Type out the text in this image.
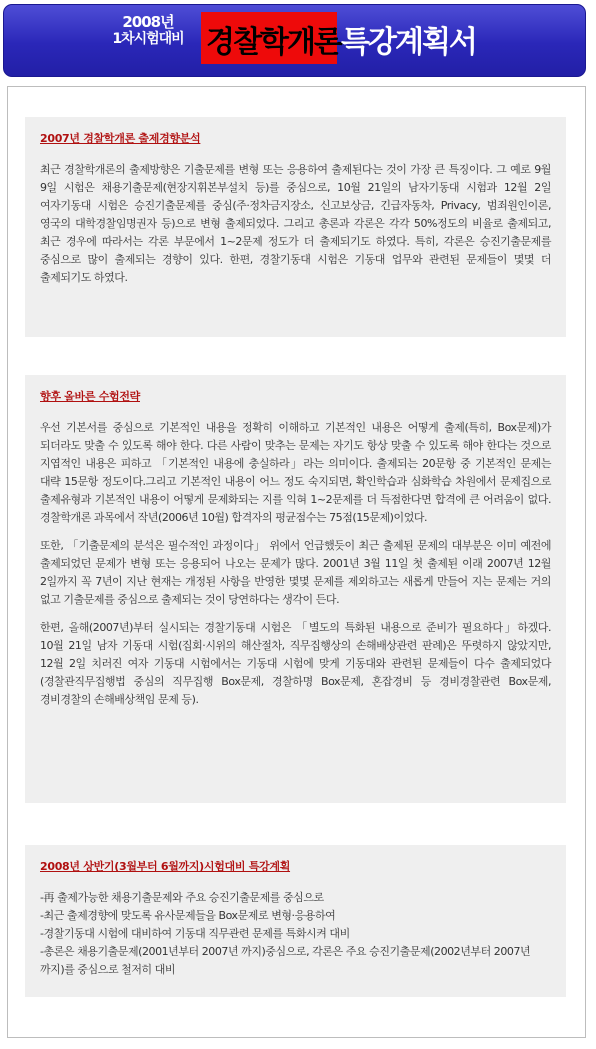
2008년
1차시험대비 경찰학개론 특강계획서
2007년 경찰학개론 출제경향분석

최근 경찰학개론의 출제방향은 기출문제를 변형 또는 응용하여 출제된다는 것이 가장 큰 특징이다. 그 예로 9월 9일 시험은 채용기출문제(현장지휘본부설치 등)를 중심으로, 10월 21일의 남자기동대 시험과 12월 2일 여자기동대 시험은 승진기출문제를 중심(주·정차금지장소, 신고보상금, 긴급자동차, Privacy, 범죄원인이론, 영국의 대학경찰임명권자 등)으로 변형 출제되었다. 그리고 총론과 각론은 각각 50%정도의 비율로 출제되고, 최근 경우에 따라서는 각론 부문에서 1~2문제 정도가 더 출제되기도 하였다. 특히, 각론은 승진기출문제를 중심으로 많이 출제되는 경향이 있다. 한편, 경찰기동대 시험은 기동대 업무와 관련된 문제들이 몇몇 더 출제되기도 하였다.

향후 올바른 수험전략

우선 기본서를 중심으로 기본적인 내용을 정확히 이해하고 기본적인 내용은 어떻게 출제(특히, Box문제)가 되더라도 맞출 수 있도록 해야 한다. 다른 사람이 맞추는 문제는 자기도 항상 맞출 수 있도록 해야 한다는 것으로 지엽적인 내용은 피하고 「기본적인 내용에 충실하라」라는 의미이다. 출제되는 20문항 중 기본적인 문제는 대략 15문항 정도이다.그리고 기본적인 내용이 어느 정도 숙지되면, 확인학습과 심화학습 차원에서 문제집으로 출제유형과 기본적인 내용이 어떻게 문제화되는 지를 익혀 1~2문제를 더 득점한다면 합격에 큰 어려움이 없다. 경찰학개론 과목에서 작년(2006년 10월) 합격자의 평균점수는 75점(15문제)이었다.

또한, 「기출문제의 분석은 필수적인 과정이다」 위에서 언급했듯이 최근 출제된 문제의 대부분은 이미 예전에 출제되었던 문제가 변형 또는 응용되어 나오는 문제가 많다. 2001년 3월 11일 첫 출제된 이래 2007년 12월 2일까지 꼭 7년이 지난 현재는 개정된 사항을 반영한 몇몇 문제를 제외하고는 새롭게 만들어 지는 문제는 거의 없고 기출문제를 중심으로 출제되는 것이 당연하다는 생각이 든다.

한편, 올해(2007년)부터 실시되는 경찰기동대 시험은 「별도의 특화된 내용으로 준비가 필요하다」하겠다. 10월 21일 남자 기동대 시험(집회·시위의 해산절차, 직무집행상의 손해배상관련 판례)은 뚜렷하지 않았지만, 12월 2일 치러진 여자 기동대 시험에서는 기동대 시험에 맞게 기동대와 관련된 문제들이 다수 출제되었다(경찰관직무집행법 중심의 직무집행 Box문제, 경찰하명 Box문제, 혼잡경비 등 경비경찰관련 Box문제, 경비경찰의 손해배상책임 문제 등).

2008년 상반기(3월부터 6월까지)시험대비 특강계획
-再 출제가능한 채용기출문제와 주요 승진기출문제를 중심으로
-최근 출제경향에 맞도록 유사문제들을 Box문제로 변형·응용하여
-경찰기동대 시험에 대비하여 기동대 직무관련 문제를 특화시켜 대비
-총론은 채용기출문제(2001년부터 2007년 까지)중심으로, 각론은 주요 승진기출문제(2002년부터 2007년 까지)를 중심으로 철저히 대비
